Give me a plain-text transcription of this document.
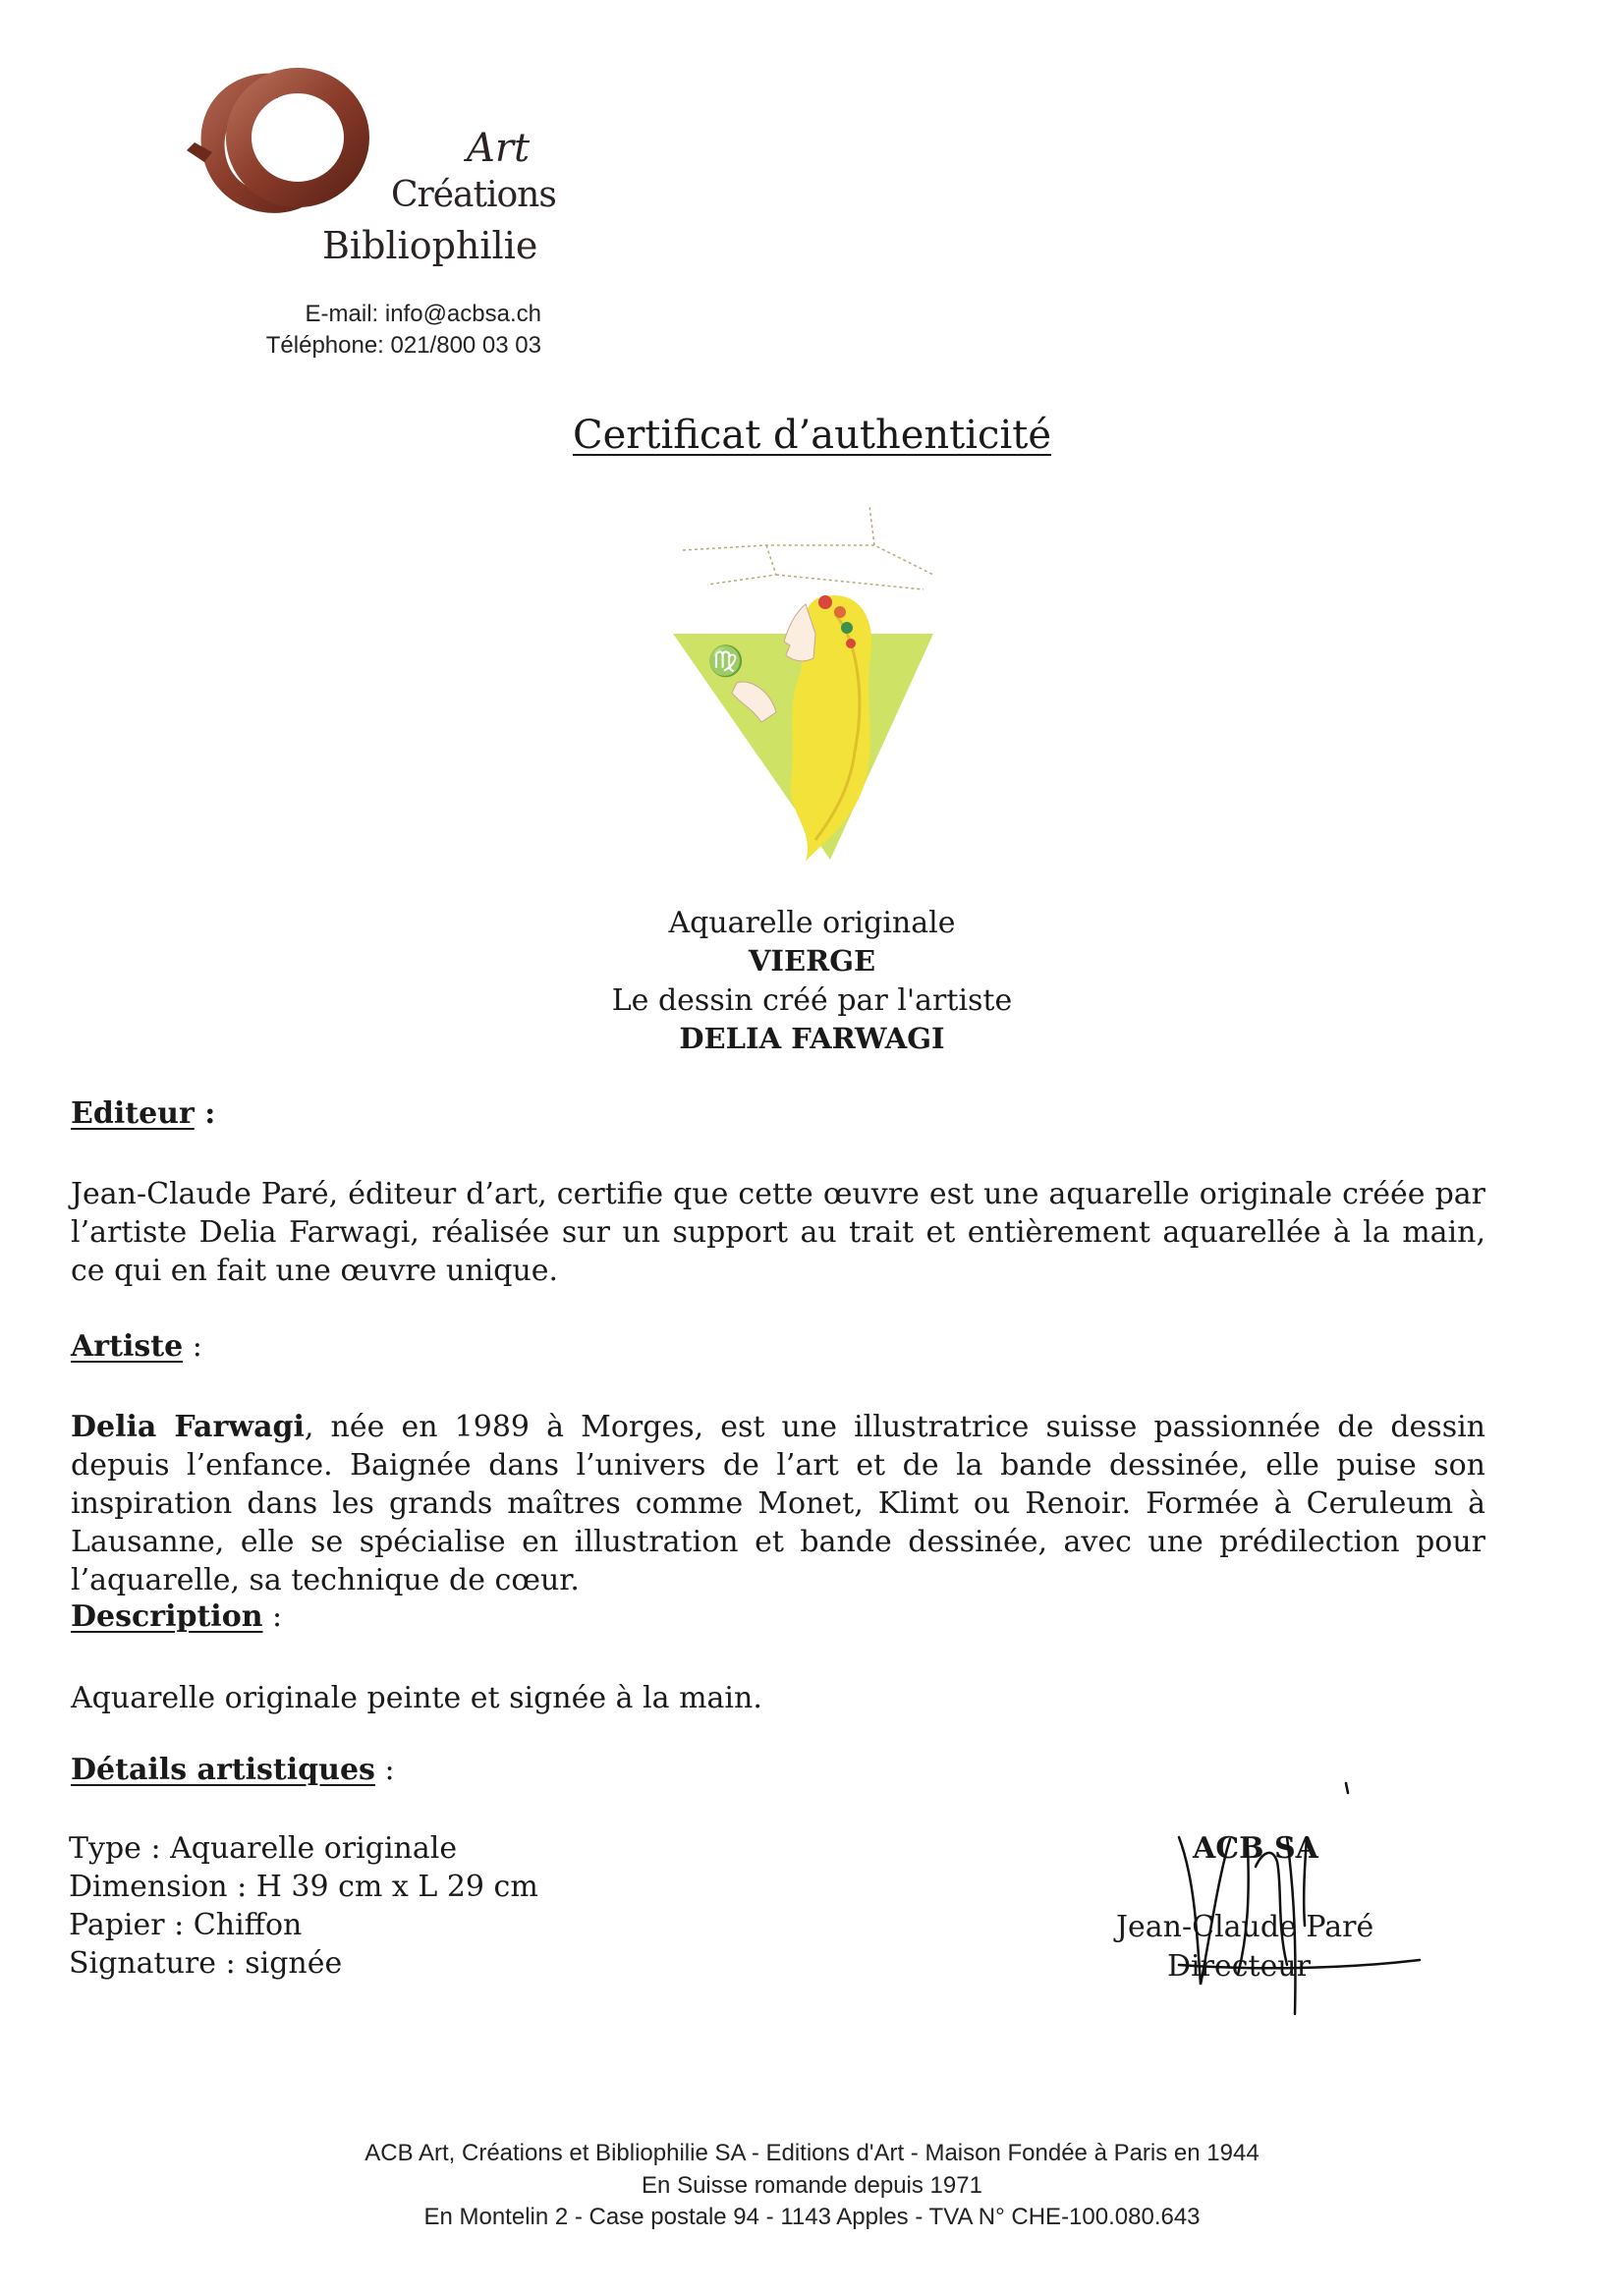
Art
Créations
Bibliophilie
E-mail: info@acbsa.ch
Téléphone: 021/800 03 03
Certificat d’authenticité
♍
Aquarelle originale
VIERGE
Le dessin créé par l'artiste
DELIA FARWAGI
Editeur :
Jean-Claude Paré, éditeur d’art, certifie que cette œuvre est une aquarelle originale créée par l’artiste Delia Farwagi, réalisée sur un support au trait et entièrement aquarellée à la main, ce qui en fait une œuvre unique.
Artiste :
Delia Farwagi, née en 1989 à Morges, est une illustratrice suisse passionnée de dessin depuis l’enfance. Baignée dans l’univers de l’art et de la bande dessinée, elle puise son inspiration dans les grands maîtres comme Monet, Klimt ou Renoir. Formée à Ceruleum à Lausanne, elle se spécialise en illustration et bande dessinée, avec une prédilection pour l’aquarelle, sa technique de cœur.
Description :
Aquarelle originale peinte et signée à la main.
Détails artistiques :
Type : Aquarelle originale
Dimension : H 39 cm x L 29 cm
Papier : Chiffon
Signature : signée
ACB SA
Jean-Claude Paré
Directeur
ACB Art, Créations et Bibliophilie SA - Editions d'Art - Maison Fondée à Paris en 1944
En Suisse romande depuis 1971
En Montelin 2 - Case postale 94 - 1143 Apples - TVA N° CHE-100.080.643
